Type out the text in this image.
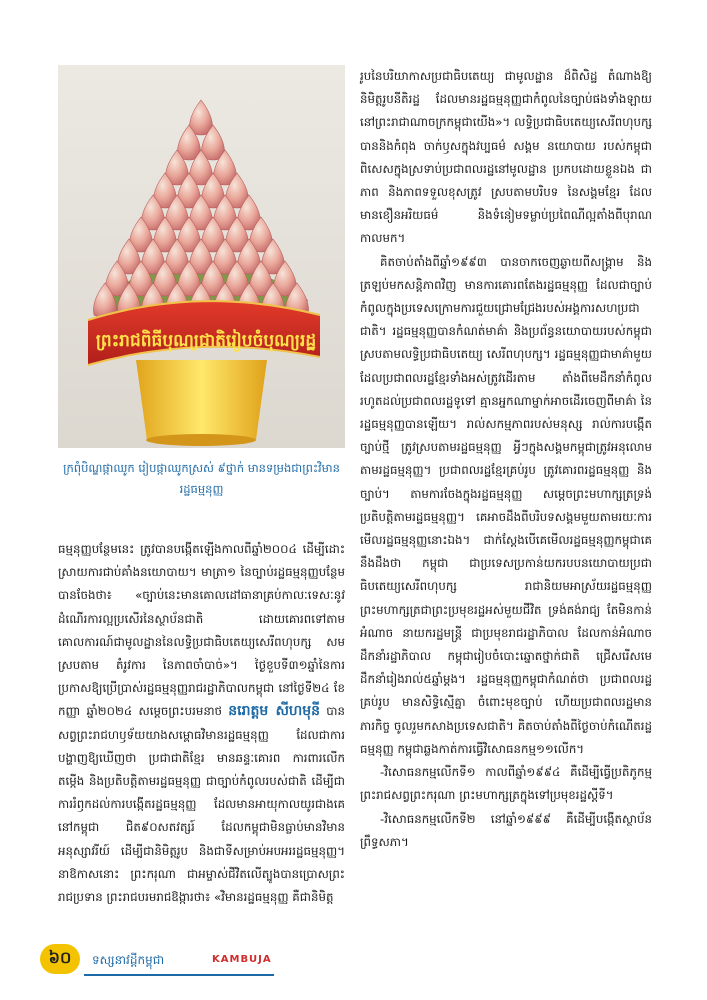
ព្រះរាជពិធីបុណ្យជាតិរៀបចំបុណ្យរដ្ឋ
ក្រពុំបិណ្ឌផ្កាឈូក រៀបផ្កាឈូកស្រស់ ៩ថ្នាក់ មានទម្រងជាព្រះវិមានរដ្ឋធម្មនុញ្ញ

ធម្មនុញ្ញបន្ថែមនេះ ត្រូវបានបង្កើតឡើងកាលពីឆ្នាំ២០០៤ ដើម្បីដោះស្រាយការជាប់គាំងនយោបាយ។ មាត្រា១ នៃច្បាប់រដ្ឋធម្មនុញ្ញបន្ថែមបានចែងថា៖ «ច្បាប់នេះមានគោលដៅធានាគ្រប់កាលៈទេសៈនូវដំណើរការល្អប្រសើរនៃស្ថាប័នជាតិ ដោយគោរពទៅតាមគោលការណ៍ជាមូលដ្ឋាននៃលទ្ធិប្រជាធិបតេយ្យសេរីពហុបក្ស សមស្របតាម តំរូវការ នៃភាពចាំបាច់»។ ថ្ងៃខួបទី៣១ឆ្នាំនៃការប្រកាសឱ្យប្រើប្រាស់រដ្ឋធម្មនុញ្ញរាជរដ្ឋាភិបាលកម្ពុជា នៅថ្ងៃទី២៤ ខែកញ្ញា ឆ្នាំ២០២៤ សម្ដេចព្រះបរមនាថ នរោត្តម សីហមុនី បានសព្វព្រះរាជហឫទ័យយាងសម្ពោធវិមានរដ្ឋធម្មនុញ្ញ ដែលជាការបង្ហាញឱ្យឃើញថា ប្រជាជាតិខ្មែរ មានឆន្ទៈគោរព ការពារលើកតម្កើង និងប្រតិបត្តិតាមរដ្ឋធម្មនុញ្ញ ជាច្បាប់កំពូលរបស់ជាតិ ដើម្បីជាការរំឭកដល់ការបង្កើតរដ្ឋធម្មនុញ្ញ ដែលមានអាយុកាលយូរជាងគេនៅកម្ពុជា ជិត៩០សតវត្សរ៍ ដែលកម្ពុជាមិនធ្លាប់មានវិមានអនុស្សាវរីយ៍ ដើម្បីជានិមិត្តរូប និងជាទីសម្រាប់អបអររដ្ឋធម្មនុញ្ញ។ នាឱកាសនោះ ព្រះករុណា ជាអម្ចាស់ជីវិតលើត្បូងបានប្រោសព្រះរាជប្រទាន ព្រះរាជបរមរាជឱង្ការថា៖ «វិមានរដ្ឋធម្មនុញ្ញ គឺជានិមិត្ត

រូបនៃបរិយាកាសប្រជាធិបតេយ្យ ជាមូលដ្ឋាន ដ៏ពិសិដ្ឋ តំណាងឱ្យនិមិត្តរូបនីតិរដ្ឋ ដែលមានរដ្ឋធម្មនុញ្ញជាកំពូលនៃច្បាប់ផងទាំងឡាយនៅព្រះរាជាណាចក្រកម្ពុជាយើង»។ លទ្ធិប្រជាធិបតេយ្យសេរីពហុបក្ស បាននិងកំពុង ចាក់ឫសក្នុងវប្បធម៌ សង្គម នយោបាយ របស់កម្ពុជា ពិសេសក្នុងស្រទាប់ប្រជាពលរដ្ឋនៅមូលដ្ឋាន ប្រកបដោយខ្លួនឯង ជាភាព និងភាពទទួលខុសត្រូវ ស្របតាមបរិបទ នៃសង្គមខ្មែរ ដែលមានខឿនអរិយធម៌ និងទំនៀមទម្លាប់ប្រពៃណីល្អតាំងពីបុរាណកាលមក។

គិតចាប់តាំងពីឆ្នាំ១៩៩៣ បានចាកចេញឆ្ងាយពីសង្គ្រាម និងត្រឡប់មកសន្តិភាពវិញ មានការគោរពតែងរដ្ឋធម្មនុញ្ញ ដែលជាច្បាប់កំពូលក្នុងប្រទេសក្រោមការជួយជ្រោមជ្រែងរបស់អង្គការសហប្រជាជាតិ។ រដ្ឋធម្មនុញ្ញបានកំណត់មាគ៌ា និងប្រព័ន្ធនយោបាយរបស់កម្ពុជា ស្របតាមលទ្ធិប្រជាធិបតេយ្យ សេរីពហុបក្ស។ រដ្ឋធម្មនុញ្ញជាមាគ៌ាមួយ ដែលប្រជាពលរដ្ឋខ្មែរទាំងអស់ត្រូវដើរតាម តាំងពីមេដឹកនាំកំពូល រហូតដល់ប្រជាពលរដ្ឋទូទៅ គ្មានអ្នកណាម្នាក់អាចដើរចេញពីមាគ៌ា នៃរដ្ឋធម្មនុញ្ញបានឡើយ។ រាល់សកម្មភាពរបស់មនុស្ស រាល់ការបង្កើតច្បាប់ថ្មី ត្រូវស្របតាមរដ្ឋធម្មនុញ្ញ អ្វីៗក្នុងសង្គមកម្ពុជាត្រូវអនុលោមតាមរដ្ឋធម្មនុញ្ញ។ ប្រជាពលរដ្ឋខ្មែរគ្រប់រូប ត្រូវគោរពរដ្ឋធម្មនុញ្ញ និងច្បាប់។ តាមការចែងក្នុងរដ្ឋធម្មនុញ្ញ សម្ដេចព្រះមហាក្សត្រទ្រង់ប្រតិបត្តិតាមរដ្ឋធម្មនុញ្ញ។ គេអាចដឹងពីបរិបទសង្គមមួយតាមរយៈការមើលរដ្ឋធម្មនុញ្ញនោះឯង។ ជាក់ស្តែងបើគេមើលរដ្ឋធម្មនុញ្ញកម្ពុជាគេនឹងដឹងថា កម្ពុជា ជាប្រទេសប្រកាន់យករបបនយោបាយប្រជាធិបតេយ្យសេរីពហុបក្ស រាជានិយមអាស្រ័យរដ្ឋធម្មនុញ្ញ ព្រះមហាក្សត្រជាព្រះប្រមុខរដ្ឋអស់មួយជីវិត ទ្រង់គង់រាជ្យ តែមិនកាន់អំណាច នាយករដ្ឋមន្ត្រី ជាប្រមុខរាជរដ្ឋាភិបាល ដែលកាន់អំណាច ដឹកនាំរដ្ឋាភិបាល កម្ពុជារៀបចំបោះឆ្នោតថ្នាក់ជាតិ ជ្រើសរើសមេដឹកនាំរៀងរាល់៥ឆ្នាំម្តង។ រដ្ឋធម្មនុញ្ញកម្ពុជាកំណត់ថា ប្រជាពលរដ្ឋគ្រប់រូប មានសិទ្ធិស្មើគ្នា ចំពោះមុខច្បាប់ ហើយប្រជាពលរដ្ឋមានភារកិច្ច ចូលរួមកសាងប្រទេសជាតិ។ គិតចាប់តាំងពីថ្ងៃចាប់កំណើតរដ្ឋធម្មនុញ្ញ កម្ពុជាឆ្លងកាត់ការធ្វើវិសោធនកម្ម១១លើក។

-វិសោធនកម្មលើកទី១ កាលពីឆ្នាំ១៩៩៤ គឺដើម្បីធ្វើប្រតិភូកម្ម ព្រះរាជសព្វព្រះករុណា ព្រះមហាក្សត្រក្នុងទៅប្រមុខរដ្ឋស្តីទី។

-វិសោធនកម្មលើកទី២ នៅឆ្នាំ១៩៩៩ គឺដើម្បីបង្កើតស្ថាប័នព្រឹទ្ធសភា។

៦០	ទស្សនាវដ្តីកម្ពុជា	KAMBUJA
